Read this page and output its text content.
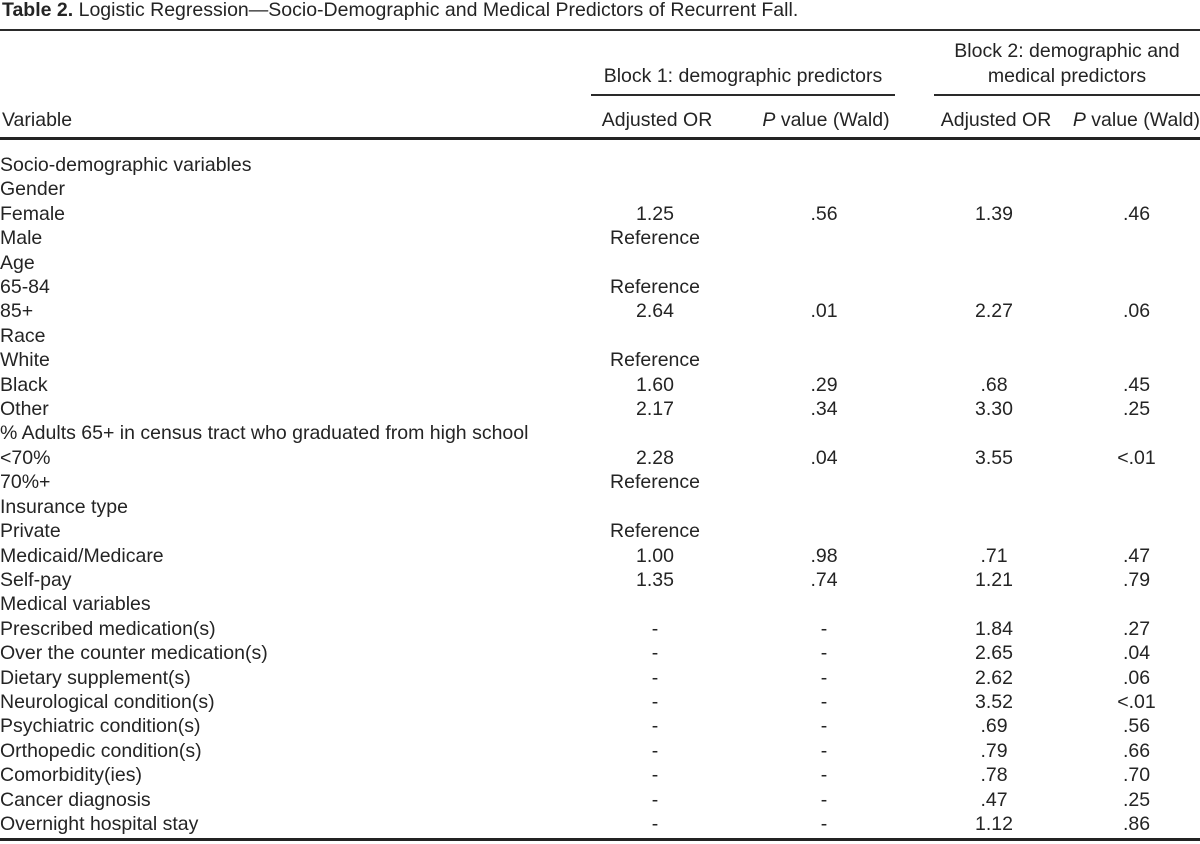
Table 2. Logistic Regression—Socio-Demographic and Medical Predictors of Recurrent Fall.
Block 1: demographic predictors
Block 2: demographic and
medical predictors
Variable	Adjusted OR	P value (Wald)	Adjusted OR	P value (Wald)
Socio-demographic variables				
Gender				
Female	1.25	.56	1.39	.46
Male	Reference			
Age				
65-84	Reference			
85+	2.64	.01	2.27	.06
Race				
White	Reference			
Black	1.60	.29	.68	.45
Other	2.17	.34	3.30	.25
% Adults 65+ in census tract who graduated from high school				
<70%	2.28	.04	3.55	<.01
70%+	Reference			
Insurance type				
Private	Reference			
Medicaid/Medicare	1.00	.98	.71	.47
Self-pay	1.35	.74	1.21	.79
Medical variables				
Prescribed medication(s)	-	-	1.84	.27
Over the counter medication(s)	-	-	2.65	.04
Dietary supplement(s)	-	-	2.62	.06
Neurological condition(s)	-	-	3.52	<.01
Psychiatric condition(s)	-	-	.69	.56
Orthopedic condition(s)	-	-	.79	.66
Comorbidity(ies)	-	-	.78	.70
Cancer diagnosis	-	-	.47	.25
Overnight hospital stay	-	-	1.12	.86
